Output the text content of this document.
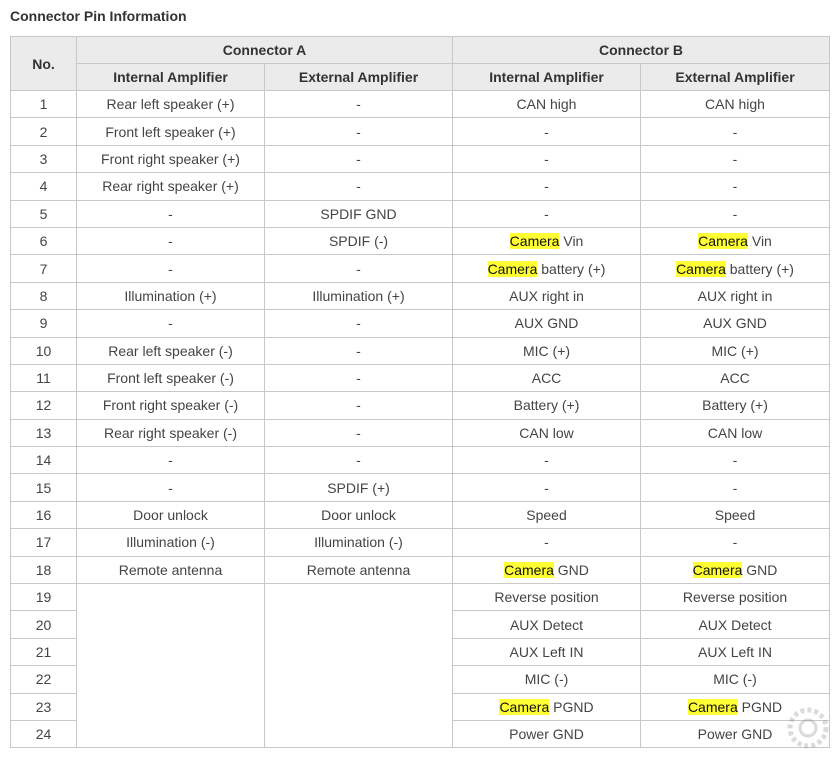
Connector Pin Information
No.	Connector A		Connector B	
	Internal Amplifier	External Amplifier	Internal Amplifier	External Amplifier
1	Rear left speaker (+)	-	CAN high	CAN high
2	Front left speaker (+)	-	-	-
3	Front right speaker (+)	-	-	-
4	Rear right speaker (+)	-	-	-
5	-	SPDIF GND	-	-
6	-	SPDIF (-)	Camera Vin	Camera Vin
7	-	-	Camera battery (+)	Camera battery (+)
8	Illumination (+)	Illumination (+)	AUX right in	AUX right in
9	-	-	AUX GND	AUX GND
10	Rear left speaker (-)	-	MIC (+)	MIC (+)
11	Front left speaker (-)	-	ACC	ACC
12	Front right speaker (-)	-	Battery (+)	Battery (+)
13	Rear right speaker (-)	-	CAN low	CAN low
14	-	-	-	-
15	-	SPDIF (+)	-	-
16	Door unlock	Door unlock	Speed	Speed
17	Illumination (-)	Illumination (-)	-	-
18	Remote antenna	Remote antenna	Camera GND	Camera GND
19			Reverse position	Reverse position
20			AUX Detect	AUX Detect
21			AUX Left IN	AUX Left IN
22			MIC (-)	MIC (-)
23			Camera PGND	Camera PGND
24			Power GND	Power GND
